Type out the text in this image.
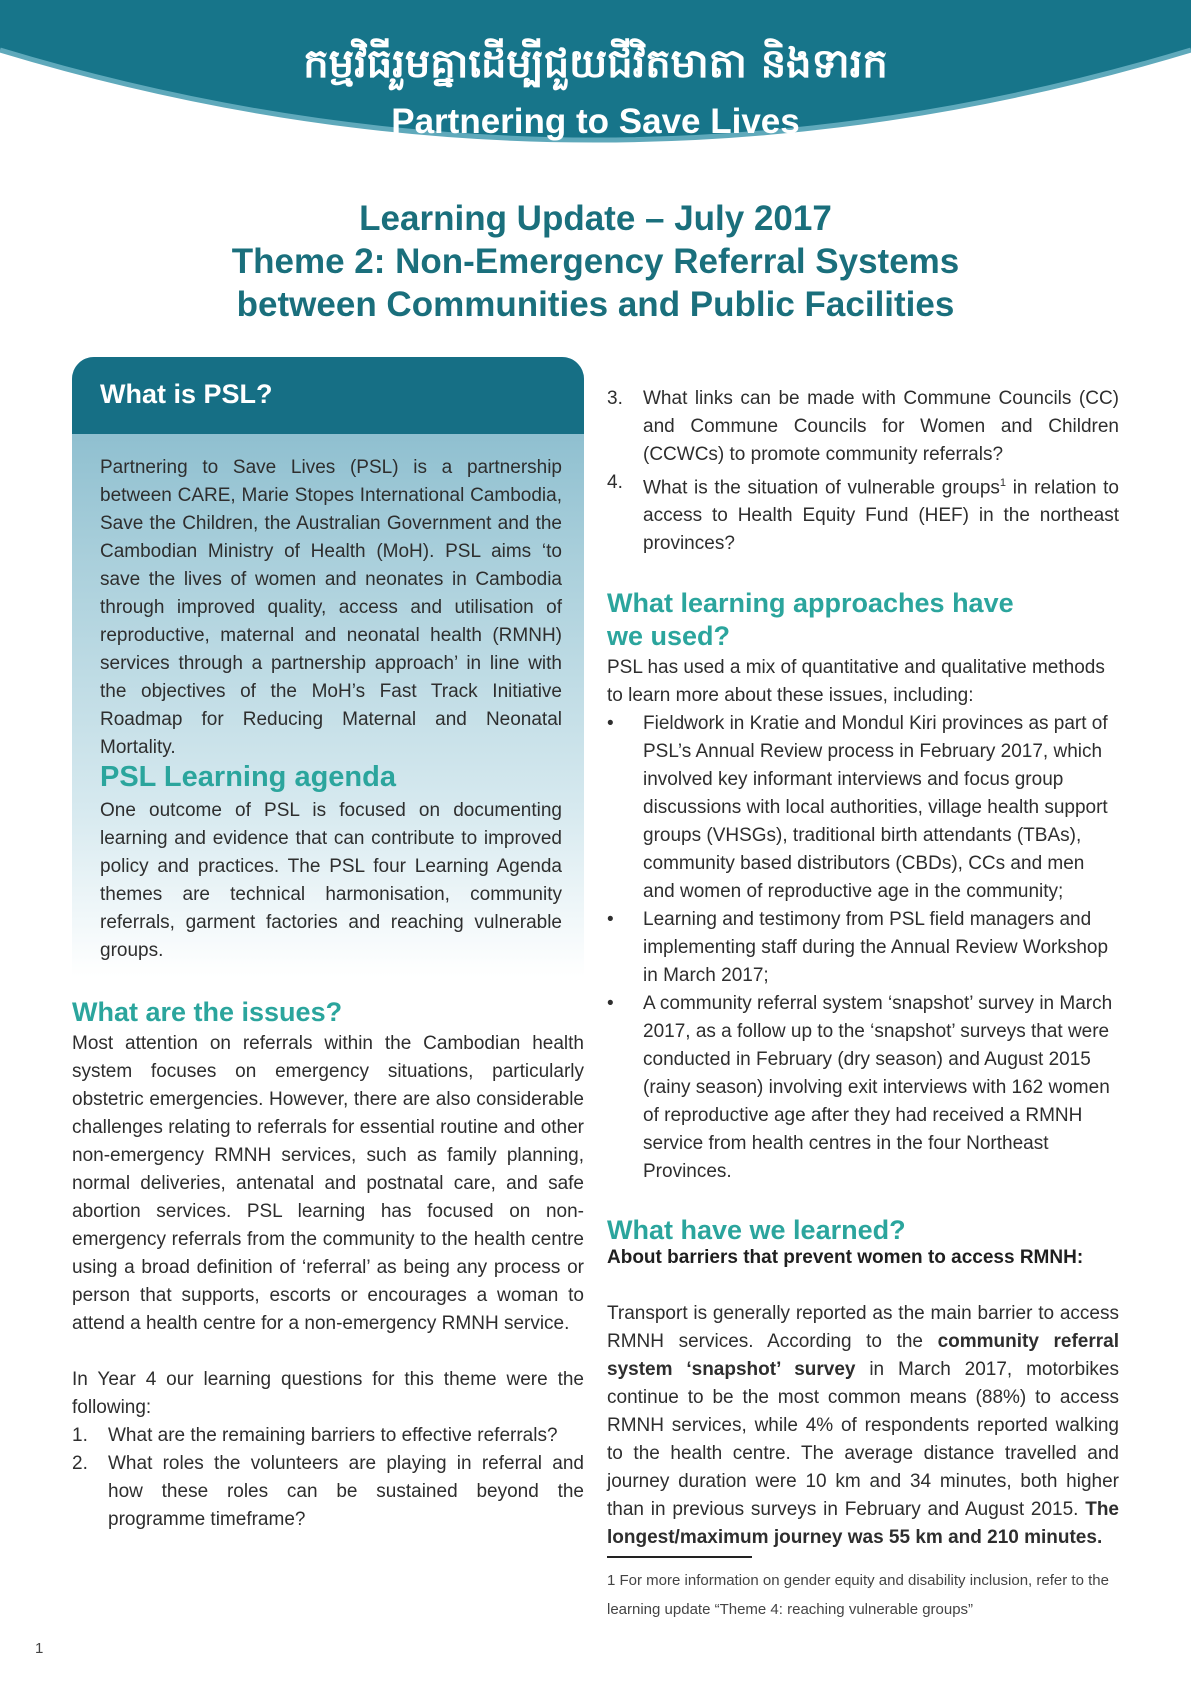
កម្មវិធីរួមគ្នាដើម្បីជួយជីវិតមាតា និងទារក
Partnering to Save Lives
Learning Update – July 2017
Theme 2: Non-Emergency Referral Systems
between Communities and Public Facilities
What is PSL?
Partnering to Save Lives (PSL) is a partnership between CARE, Marie Stopes International Cambodia, Save the Children, the Australian Government and the Cambodian Ministry of Health (MoH). PSL aims ‘to save the lives of women and neonates in Cambodia through improved quality, access and utilisation of reproductive, maternal and neonatal health (RMNH) services through a partnership approach’ in line with the objectives of the MoH’s Fast Track Initiative Roadmap for Reducing Maternal and Neonatal Mortality.
PSL Learning agenda
One outcome of PSL is focused on documenting learning and evidence that can contribute to improved policy and practices. The PSL four Learning Agenda themes are technical harmonisation, community referrals, garment factories and reaching vulnerable groups.
What are the issues?
Most attention on referrals within the Cambodian health system focuses on emergency situations, particularly obstetric emergencies. However, there are also considerable challenges relating to referrals for essential routine and other non-emergency RMNH services, such as family planning, normal deliveries, antenatal and postnatal care, and safe abortion services. PSL learning has focused on non-emergency referrals from the community to the health centre using a broad definition of ‘referral’ as being any process or person that supports, escorts or encourages a woman to attend a health centre for a non-emergency RMNH service.
In Year 4 our learning questions for this theme were the following:
1. What are the remaining barriers to effective referrals?
2. What roles the volunteers are playing in referral and how these roles can be sustained beyond the programme timeframe?
3. What links can be made with Commune Councils (CC) and Commune Councils for Women and Children (CCWCs) to promote community referrals?
4. What is the situation of vulnerable groups$^1$ in relation to access to Health Equity Fund (HEF) in the northeast provinces?
What learning approaches have
we used?
PSL has used a mix of quantitative and qualitative methods to learn more about these issues, including:
• Fieldwork in Kratie and Mondul Kiri provinces as part of PSL’s Annual Review process in February 2017, which involved key informant interviews and focus group discussions with local authorities, village health support groups (VHSGs), traditional birth attendants (TBAs), community based distributors (CBDs), CCs and men and women of reproductive age in the community;
• Learning and testimony from PSL field managers and implementing staff during the Annual Review Workshop in March 2017;
• A community referral system ‘snapshot’ survey in March 2017, as a follow up to the ‘snapshot’ surveys that were conducted in February (dry season) and August 2015 (rainy season) involving exit interviews with 162 women of reproductive age after they had received a RMNH service from health centres in the four Northeast Provinces.
What have we learned?
About barriers that prevent women to access RMNH:
Transport is generally reported as the main barrier to access RMNH services. According to the community referral system ‘snapshot’ survey in March 2017, motorbikes continue to be the most common means (88%) to access RMNH services, while 4% of respondents reported walking to the health centre. The average distance travelled and journey duration were 10 km and 34 minutes, both higher than in previous surveys in February and August 2015. The longest/maximum journey was 55 km and 210 minutes.
1 For more information on gender equity and disability inclusion, refer to the learning update “Theme 4: reaching vulnerable groups”
1
